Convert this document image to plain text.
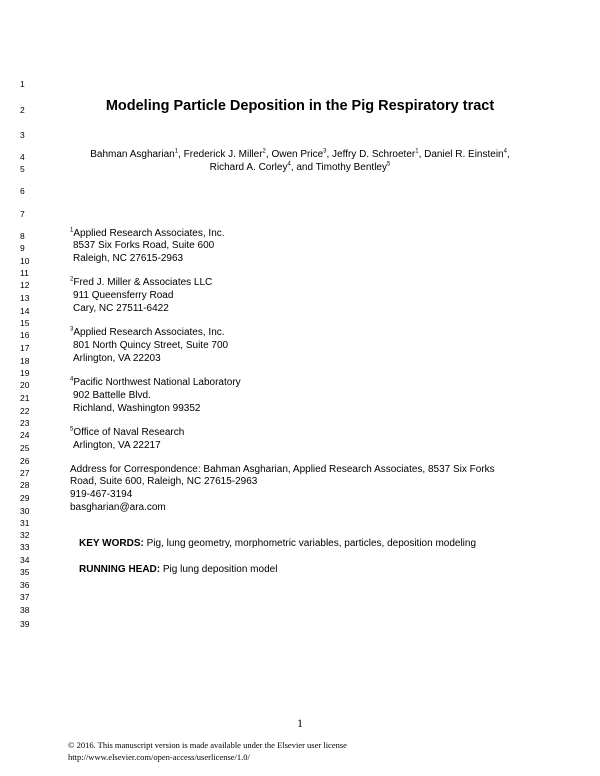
1
2
3
4
5
6
7
8
9
10
11
12
13
14
15
16
17
18
19
20
21
22
23
24
25
26
27
28
29
30
31
32
33
34
35
36
37
38
39
Modeling Particle Deposition in the Pig Respiratory tract
Bahman Asgharian$^1$, Frederick J. Miller$^2$, Owen Price$^3$, Jeffry D. Schroeter$^1$, Daniel R. Einstein$^4$,
Richard A. Corley$^4$, and Timothy Bentley$^5$
$^1$Applied Research Associates, Inc.
8537 Six Forks Road, Suite 600
Raleigh, NC 27615-2963
$^2$Fred J. Miller & Associates LLC
911 Queensferry Road
Cary, NC 27511-6422
$^3$Applied Research Associates, Inc.
801 North Quincy Street, Suite 700
Arlington, VA 22203
$^4$Pacific Northwest National Laboratory
902 Battelle Blvd.
Richland, Washington 99352
$^5$Office of Naval Research
Arlington, VA 22217
Address for Correspondence: Bahman Asgharian, Applied Research Associates, 8537 Six Forks
Road, Suite 600, Raleigh, NC 27615-2963
919-467-3194
basgharian@ara.com
KEY WORDS: Pig, lung geometry, morphometric variables, particles, deposition modeling
RUNNING HEAD: Pig lung deposition model
1
© 2016. This manuscript version is made available under the Elsevier user license
http://www.elsevier.com/open-access/userlicense/1.0/
